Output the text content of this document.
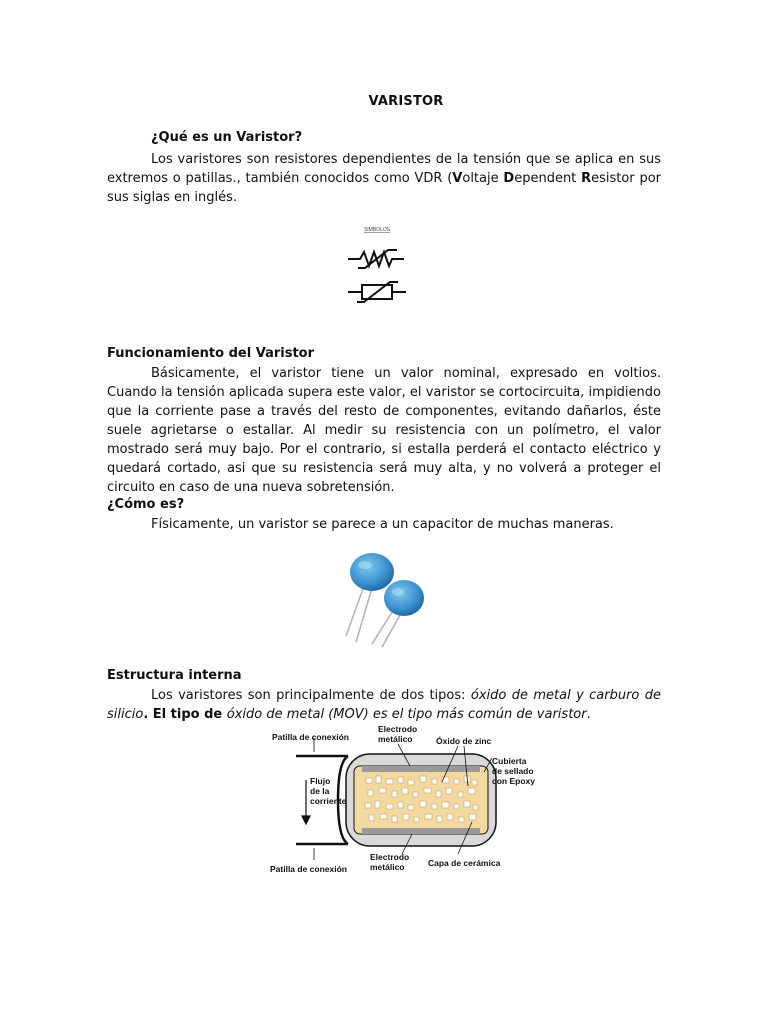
VARISTOR
¿Qué es un Varistor?

Los varistores son resistores dependientes de la tensión que se aplica en sus extremos o patillas., también conocidos como VDR (Voltaje Dependent Resistor por sus siglas en inglés.

SIMBOLOS
Funcionamiento del Varistor

Básicamente, el varistor tiene un valor nominal, expresado en voltios. Cuando la tensión aplicada supera este valor, el varistor se cortocircuita, impidiendo que la corriente pase a través del resto de componentes, evitando dañarlos, éste suele agrietarse o estallar. Al medir su resistencia con un polímetro, el valor mostrado será muy bajo. Por el contrario, si estalla perderá el contacto eléctrico y quedará cortado, asi que su resistencia será muy alta, y no volverá a proteger el circuito en caso de una nueva sobretensión.

¿Cómo es?

Físicamente, un varistor se parece a un capacitor de muchas maneras.

Estructura interna

Los varistores son principalmente de dos tipos: óxido de metal y carburo de silicio. El tipo de óxido de metal (MOV) es el tipo más común de varistor.

Patilla de conexión
Electrodo
metálico	Óxido de zinc
Cubierta
de sellado
con Epoxy
Flujo
de la
corriente
Electrodo
metálico	Capa de cerámica
Patilla de conexión
